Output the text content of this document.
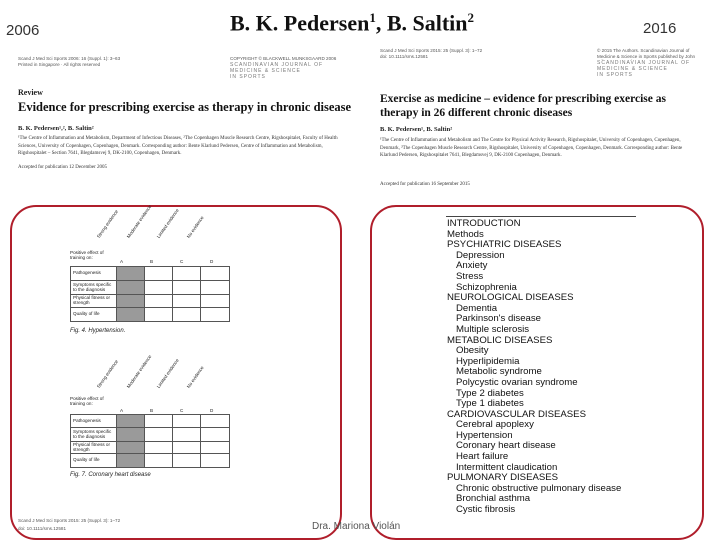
2006	2016
B. K. Pedersen$^1$, B. Saltin$^2$
Scand J Med Sci Sports 2006: 16 (Suppl. 1): 3–63
Printed in Singapore · All rights reserved
COPYRIGHT © BLACKWELL MUNKSGAARD 2006
SCANDINAVIAN JOURNAL OF
MEDICINE & SCIENCE
IN SPORTS
Review
Evidence for prescribing exercise as therapy in chronic disease
B. K. Pedersen¹,², B. Saltin²
¹The Centre of Inflammation and Metabolism, Department of Infectious Diseases, ²The Copenhagen Muscle Research Centre, Rigshospitalet, Faculty of Health Sciences, University of Copenhagen, Copenhagen, Denmark. Corresponding author: Bente Klarlund Pedersen, Centre of Inflammation and Metabolism, Rigshospitalet – Section 7641, Blegdamsvej 9, DK-2100, Copenhagen, Denmark.
Accepted for publication 12 December 2005
Scand J Med Sci Sports 2015: 25 (Suppl. 3): 1–72
doi: 10.1111/sms.12581
© 2015 The Authors. Scandinavian Journal of Medicine & Science in Sports published by John
SCANDINAVIAN JOURNAL OF
MEDICINE & SCIENCE
IN SPORTS
Exercise as medicine – evidence for prescribing exercise as therapy in 26 different chronic diseases
B. K. Pedersen¹, B. Saltin²
¹The Centre of Inflammation and Metabolism and The Centre for Physical Activity Research, Rigshospitalet, University of Copenhagen, Copenhagen, Denmark, ²The Copenhagen Muscle Research Centre, Rigshospitalet, University of Copenhagen, Copenhagen, Denmark. Corresponding author: Bente Klarlund Pedersen, Rigshospitalet 7641, Blegdamsvej 9, DK-2100 Copenhagen, Denmark.
Accepted for publication 16 September 2015
Strong evidence Moderate evidence Limited evidence No evidence
Positive effect of training on:
A	B	C	D
Pathogenesis
Symptoms specific to the diagnosis
Physical fitness or strength
Quality of life
Fig. 4. Hypertension.
Strong evidence Moderate evidence Limited evidence No evidence
Positive effect of training on:
A	B	C	D
Pathogenesis
Symptoms specific to the diagnosis
Physical fitness or strength
Quality of life
Fig. 7. Coronary heart disease
Scand J Med Sci Sports 2015: 25 (Suppl. 3): 1–72
doi: 10.1111/sms.12581
INTRODUCTION
Methods
PSYCHIATRIC DISEASES
Depression
Anxiety
Stress
Schizophrenia
NEUROLOGICAL DISEASES
Dementia
Parkinson's disease
Multiple sclerosis
METABOLIC DISEASES
Obesity
Hyperlipidemia
Metabolic syndrome
Polycystic ovarian syndrome
Type 2 diabetes
Type 1 diabetes
CARDIOVASCULAR DISEASES
Cerebral apoplexy
Hypertension
Coronary heart disease
Heart failure
Intermittent claudication
PULMONARY DISEASES
Chronic obstructive pulmonary disease
Bronchial asthma
Cystic fibrosis
Dra. Mariona Violán
